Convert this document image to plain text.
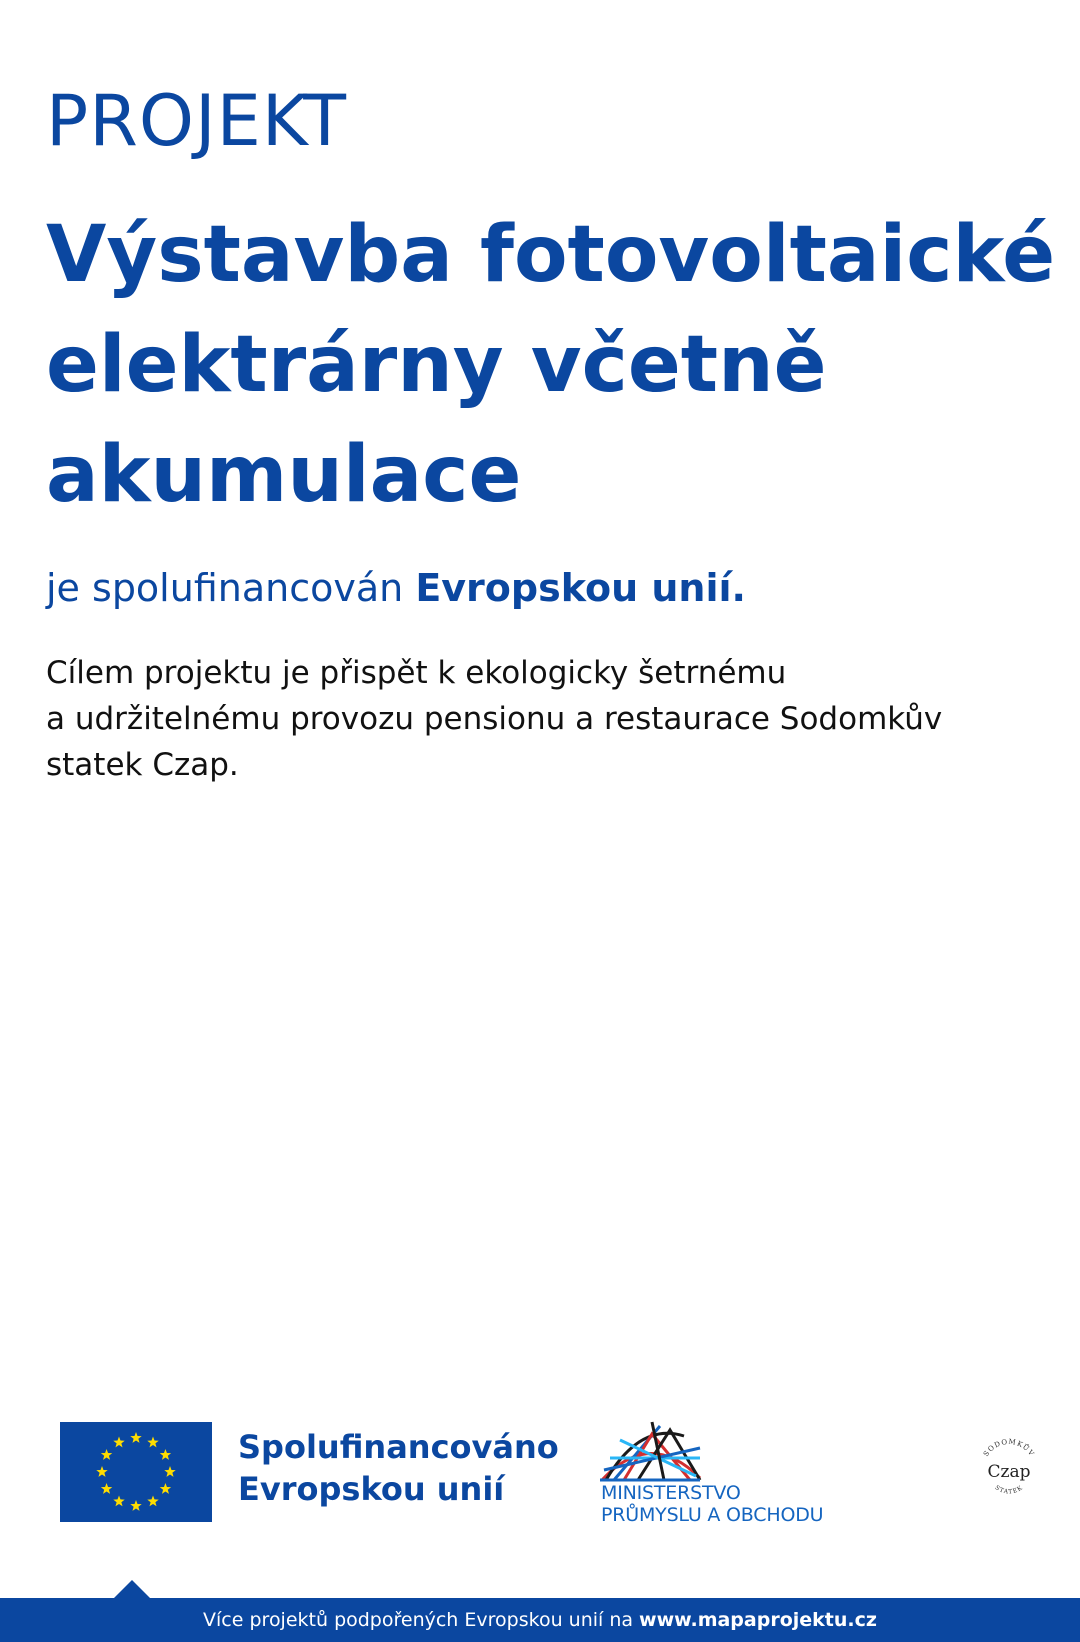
PROJEKT
Výstavba fotovoltaické
elektrárny včetně
akumulace
je spolufinancován Evropskou unií.
Cílem projektu je přispět k ekologicky šetrnému
a udržitelnému provozu pensionu a restaurace Sodomkův
statek Czap.
Spolufinancováno
Evropskou unií	MINISTERSTVO
PRŮMYSLU A OBCHODU
SODOMKŮV
Czap
STATEK
Více projektů podpořených Evropskou unií na www.mapaprojektu.cz
